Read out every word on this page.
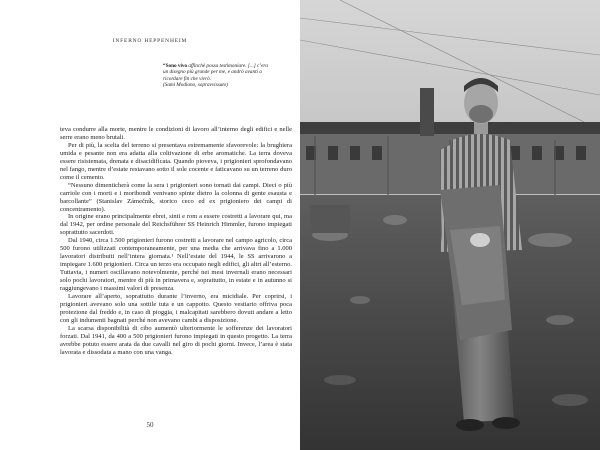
INFERNO HEPPENHEIM
“Sono vivo affinché possa testimoniare. [...] c’era un disegno più grande per me, e andrò avanti a ricordare fin che vivrò.
(Sami Modiano, sopravvissuto)

teva condurre alla morte, mentre le condizioni di lavoro all’interno degli edifici e nelle serre erano meno brutali.

Per di più, la scelta del terreno si presentava estremamente sfavorevole: la brughiera umida e pesante non era adatta alla coltivazione di erbe aromatiche. La terra doveva essere risistemata, drenata e disacidificata. Quando pioveva, i prigionieri sprofondavano nel fango, mentre d’estate restavano sotto il sole cocente e faticavano su un terreno duro come il cemento.

“Nessuno dimenticherà come la sera i prigionieri sono tornati dai campi. Dieci o più carriole con i morti e i moribondi venivano spinte dietro la colonna di gente esausta e barcollante” (Stanislav Zámečník, storico ceco ed ex prigioniero dei campi di concentramento).

In origine erano principalmente ebrei, sinti e rom a essere costretti a lavorare qui, ma dal 1942, per ordine personale del Reichsführer SS Heinrich Himmler, furono impiegati soprattutto sacerdoti.

Dal 1940, circa 1.500 prigionieri furono costretti a lavorare nel campo agricolo, circa 500 furono utilizzati contemporaneamente, per una media che arrivava fino a 1.000 lavoratori distribuiti nell’intera giornata.¹ Nell’estate del 1944, le SS arrivarono a impiegare 1.600 prigionieri. Circa un terzo era occupato negli edifici, gli altri all’esterno. Tuttavia, i numeri oscillavano notevolmente, perché nei mesi invernali erano necessari solo pochi lavoratori, mentre di più in primavera e, soprattutto, in estate e in autunno si raggiungevano i massimi valori di presenza.

Lavorare all’aperto, soprattutto durante l’inverno, era micidiale. Per coprirsi, i prigionieri avevano solo una sottile tuta e un cappotto. Questo vestiario offriva poca protezione dal freddo e, in caso di pioggia, i malcapitati sarebbero dovuti andare a letto con gli indumenti bagnati perché non avevano cambi a disposizione.

La scarsa disponibilità di cibo aumentò ulteriormente le sofferenze dei lavoratori forzati. Dal 1941, da 400 a 500 prigionieri furono impiegati in questo progetto. La terra avrebbe potuto essere arata da due cavalli nel giro di pochi giorni. Invece, l’area è stata lavorata e dissodata a mano con una vanga.

50
